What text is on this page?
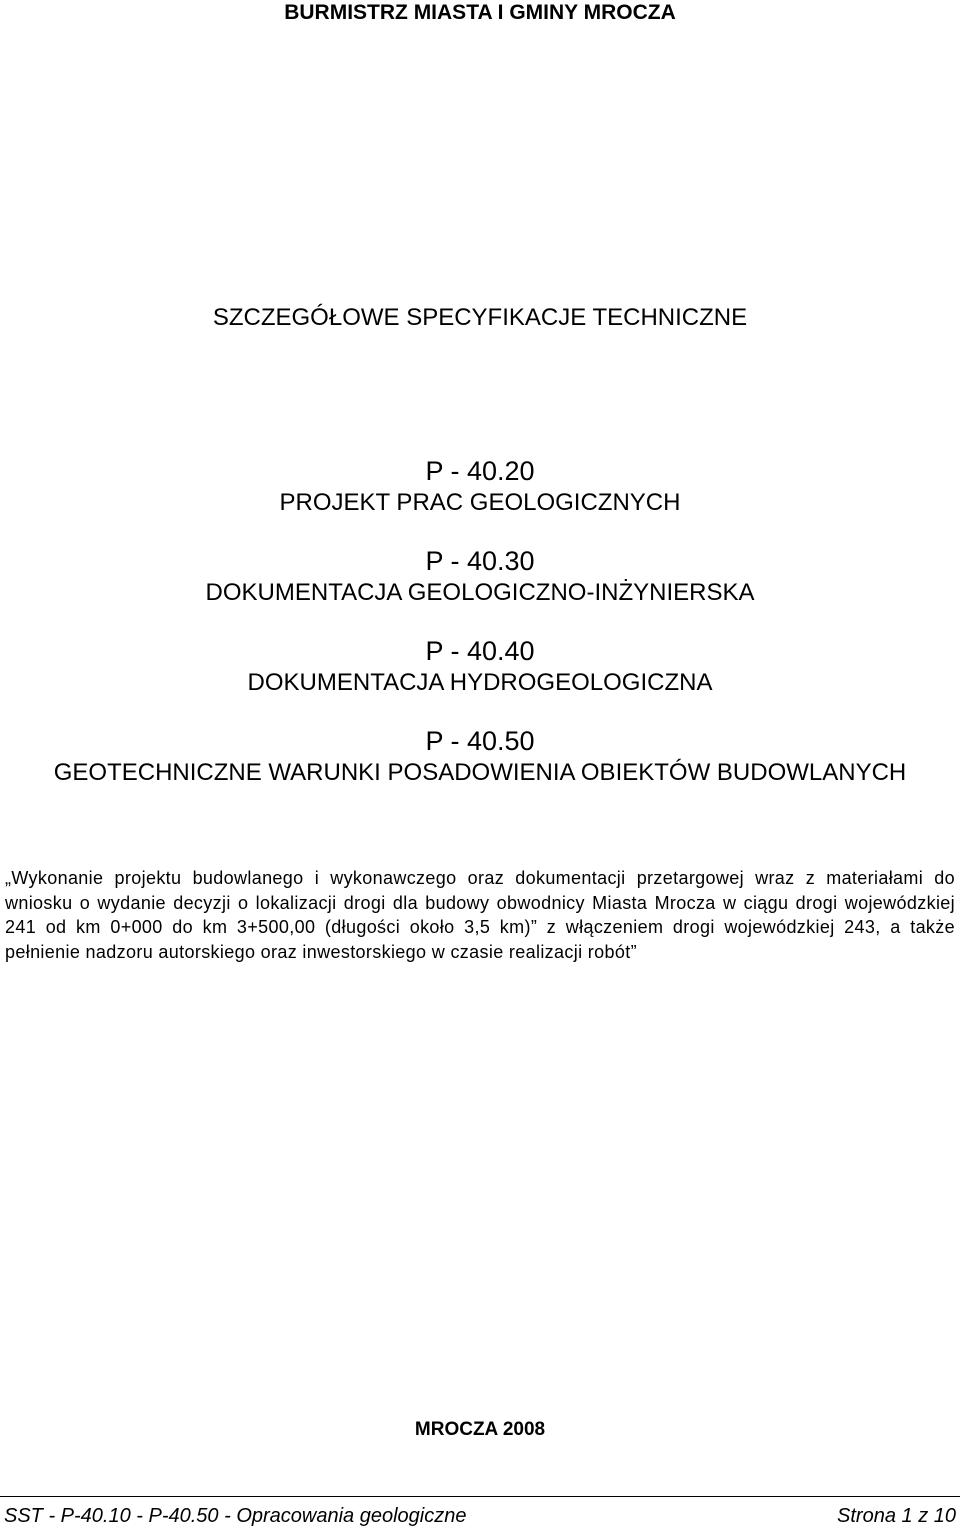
BURMISTRZ MIASTA I GMINY MROCZA
SZCZEGÓŁOWE SPECYFIKACJE TECHNICZNE
P - 40.20
PROJEKT PRAC GEOLOGICZNYCH
P - 40.30
DOKUMENTACJA GEOLOGICZNO-INŻYNIERSKA
P - 40.40
DOKUMENTACJA HYDROGEOLOGICZNA
P - 40.50
GEOTECHNICZNE WARUNKI POSADOWIENIA OBIEKTÓW BUDOWLANYCH
„Wykonanie projektu budowlanego i wykonawczego oraz dokumentacji przetargowej wraz z materiałami do wniosku o wydanie decyzji o lokalizacji drogi dla budowy obwodnicy Miasta Mrocza w ciągu drogi wojewódzkiej 241 od km 0+000 do km 3+500,00 (długości około 3,5 km)” z włączeniem drogi wojewódzkiej 243, a także pełnienie nadzoru autorskiego oraz inwestorskiego w czasie realizacji robót”
MROCZA 2008
SST - P-40.10 - P-40.50 - Opracowania geologiczne	Strona 1 z 10
